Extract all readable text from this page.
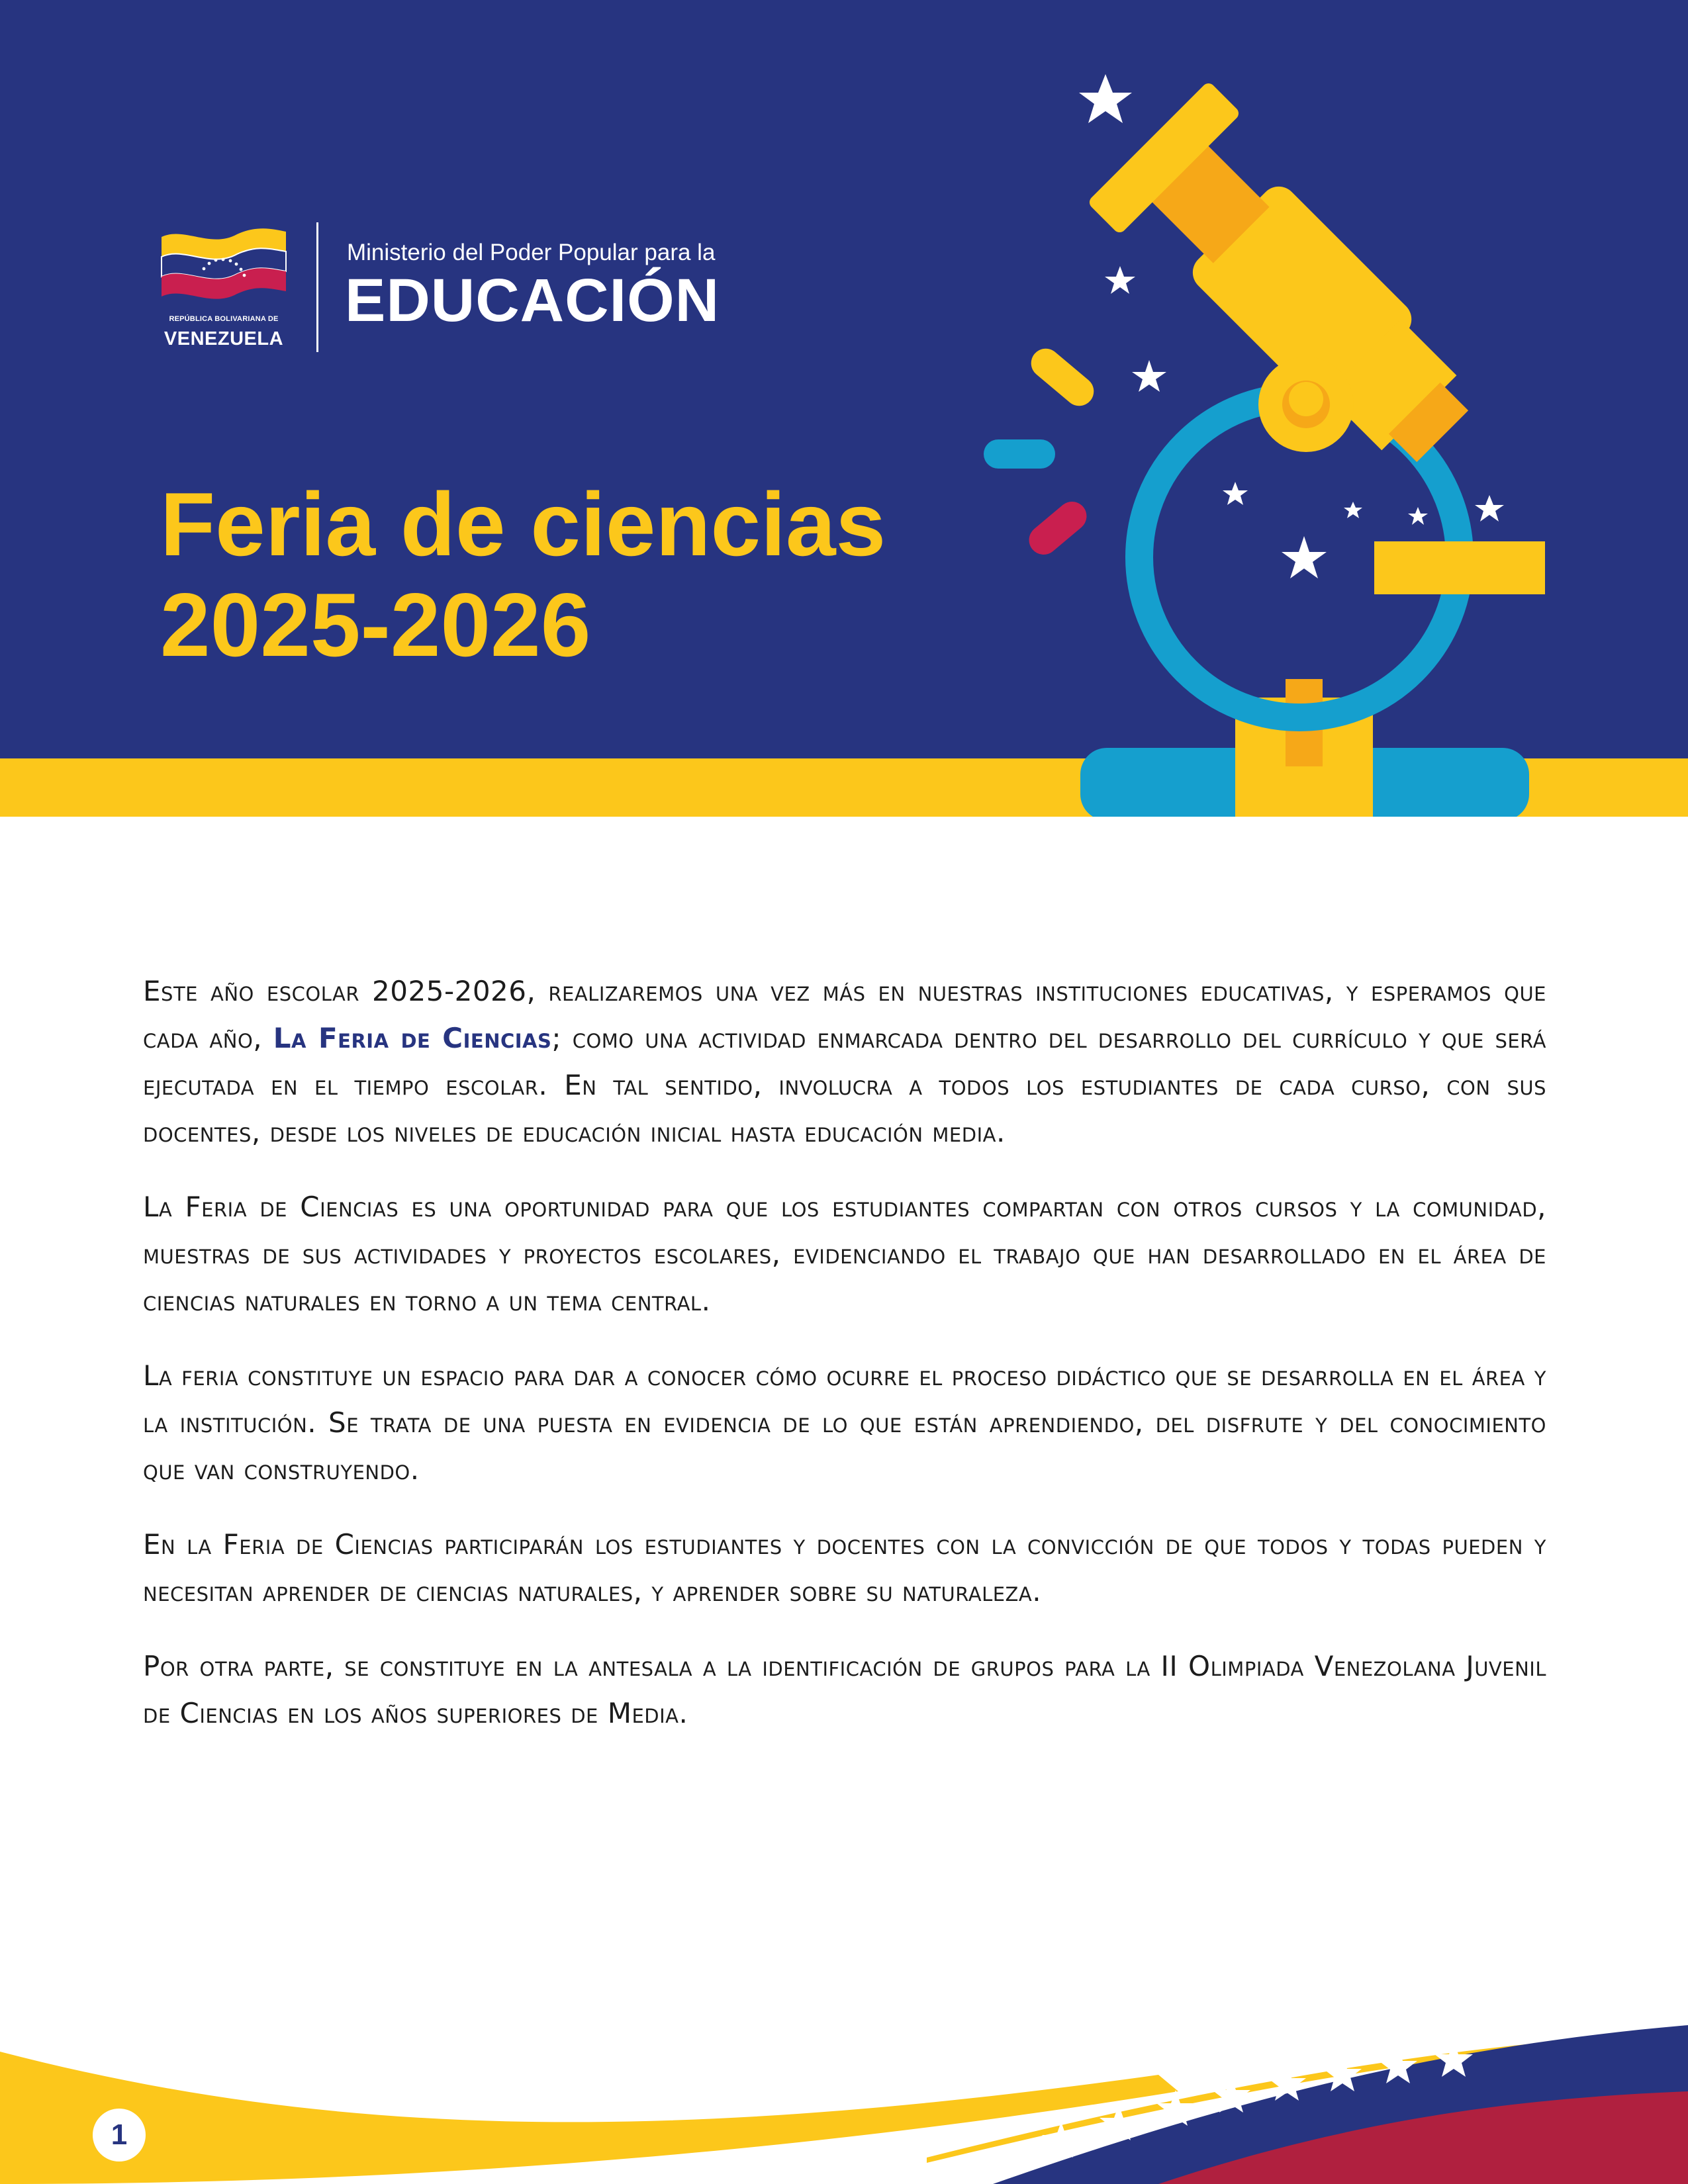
REPÚBLICA BOLIVARIANA DE
VENEZUELA
Ministerio del Poder Popular para la
EDUCACIÓN
Feria de ciencias
2025-2026

Este año escolar 2025-2026, realizaremos una vez más en nuestras instituciones educativas, y esperamos que cada año, La Feria de Ciencias; como una actividad enmarcada dentro del desarrollo del currículo y que será ejecutada en el tiempo escolar. En tal sentido, involucra a todos los estudiantes de cada curso, con sus docentes, desde los niveles de educación inicial hasta educación media.

La Feria de Ciencias es una oportunidad para que los estudiantes compartan con otros cursos y la comunidad, muestras de sus actividades y proyectos escolares, evidenciando el trabajo que han desarrollado en el área de ciencias naturales en torno a un tema central.

La feria constituye un espacio para dar a conocer cómo ocurre el proceso didáctico que se desarrolla en el área y la institución. Se trata de una puesta en evidencia de lo que están aprendiendo, del disfrute y del conocimiento que van construyendo.

En la Feria de Ciencias participarán los estudiantes y docentes con la convicción de que todos y todas pueden y necesitan aprender de ciencias naturales, y aprender sobre su naturaleza.

Por otra parte, se constituye en la antesala a la identificación de grupos para la II Olimpiada Venezolana Juvenil de Ciencias en los años superiores de Media.

1
